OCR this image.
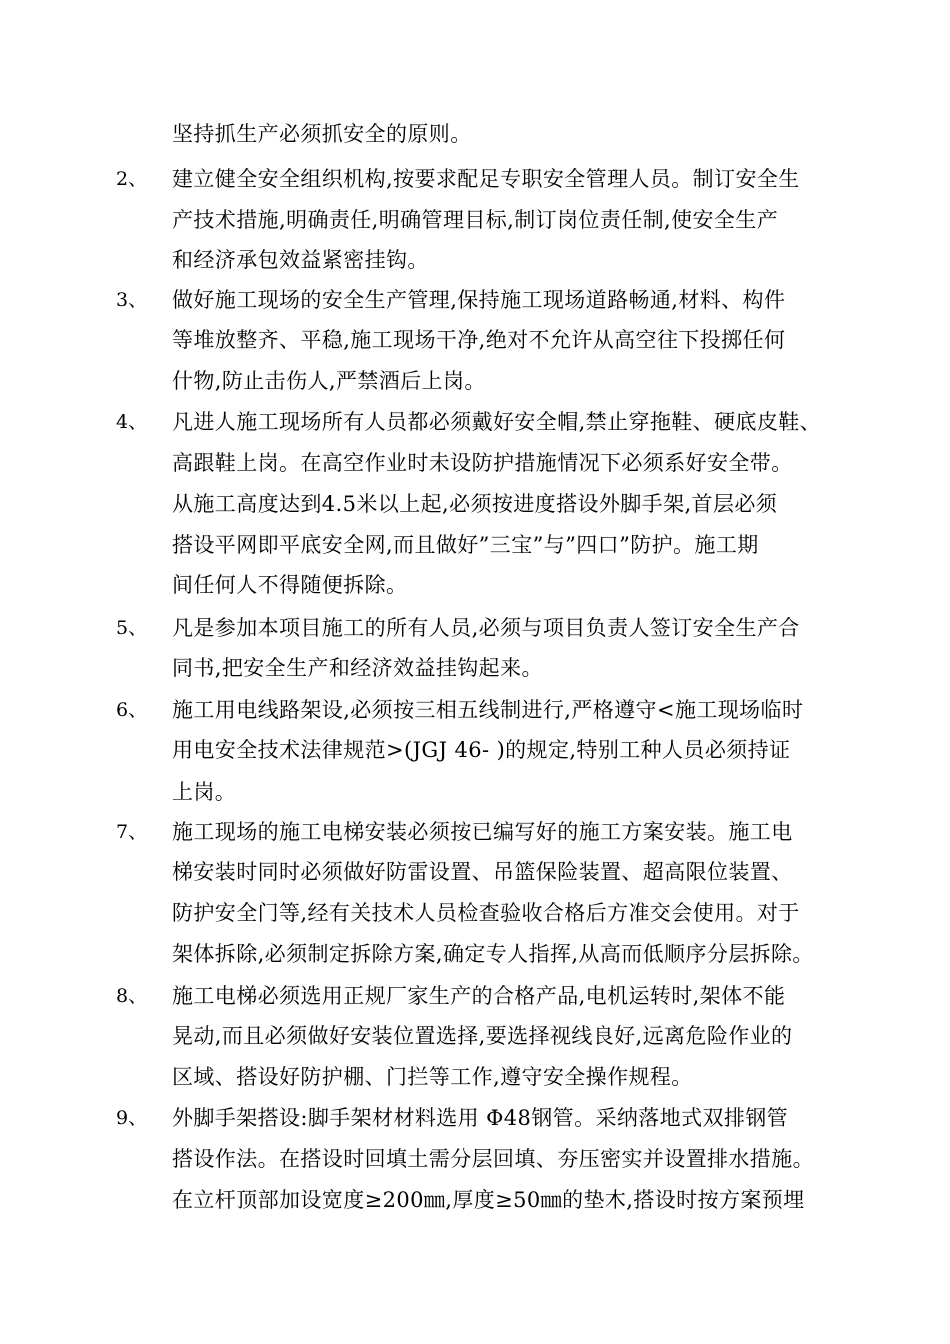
坚持抓生产必须抓安全的原则。
2、 建立健全安全组织机构,按要求配足专职安全管理人员。制订安全生
产技术措施,明确责任,明确管理目标,制订岗位责任制,使安全生产
和经济承包效益紧密挂钩。
3、 做好施工现场的安全生产管理,保持施工现场道路畅通,材料、构件
等堆放整齐、平稳,施工现场干净,绝对不允许从高空往下投掷任何
什物,防止击伤人,严禁酒后上岗。
4、 凡进人施工现场所有人员都必须戴好安全帽,禁止穿拖鞋、硬底皮鞋、
高跟鞋上岗。在高空作业时未设防护措施情况下必须系好安全带。
从施工高度达到4.5米以上起,必须按进度搭设外脚手架,首层必须
搭设平网即平底安全网,而且做好”三宝”与”四口”防护。施工期
间任何人不得随便拆除。
5、 凡是参加本项目施工的所有人员,必须与项目负责人签订安全生产合
同书,把安全生产和经济效益挂钩起来。
6、 施工用电线路架设,必须按三相五线制进行,严格遵守<施工现场临时
用电安全技术法律规范>(JGJ 46- )的规定,特别工种人员必须持证
上岗。
7、 施工现场的施工电梯安装必须按已编写好的施工方案安装。施工电
梯安装时同时必须做好防雷设置、吊篮保险装置、超高限位装置、
防护安全门等,经有关技术人员检查验收合格后方准交会使用。对于
架体拆除,必须制定拆除方案,确定专人指挥,从高而低顺序分层拆除。
8、 施工电梯必须选用正规厂家生产的合格产品,电机运转时,架体不能
晃动,而且必须做好安装位置选择,要选择视线良好,远离危险作业的
区域、搭设好防护棚、门拦等工作,遵守安全操作规程。
9、 外脚手架搭设:脚手架材材料选用 Φ48钢管。采纳落地式双排钢管
搭设作法。在搭设时回填土需分层回填、夯压密实并设置排水措施。
在立杆顶部加设宽度≥200㎜,厚度≥50㎜的垫木,搭设时按方案预埋
